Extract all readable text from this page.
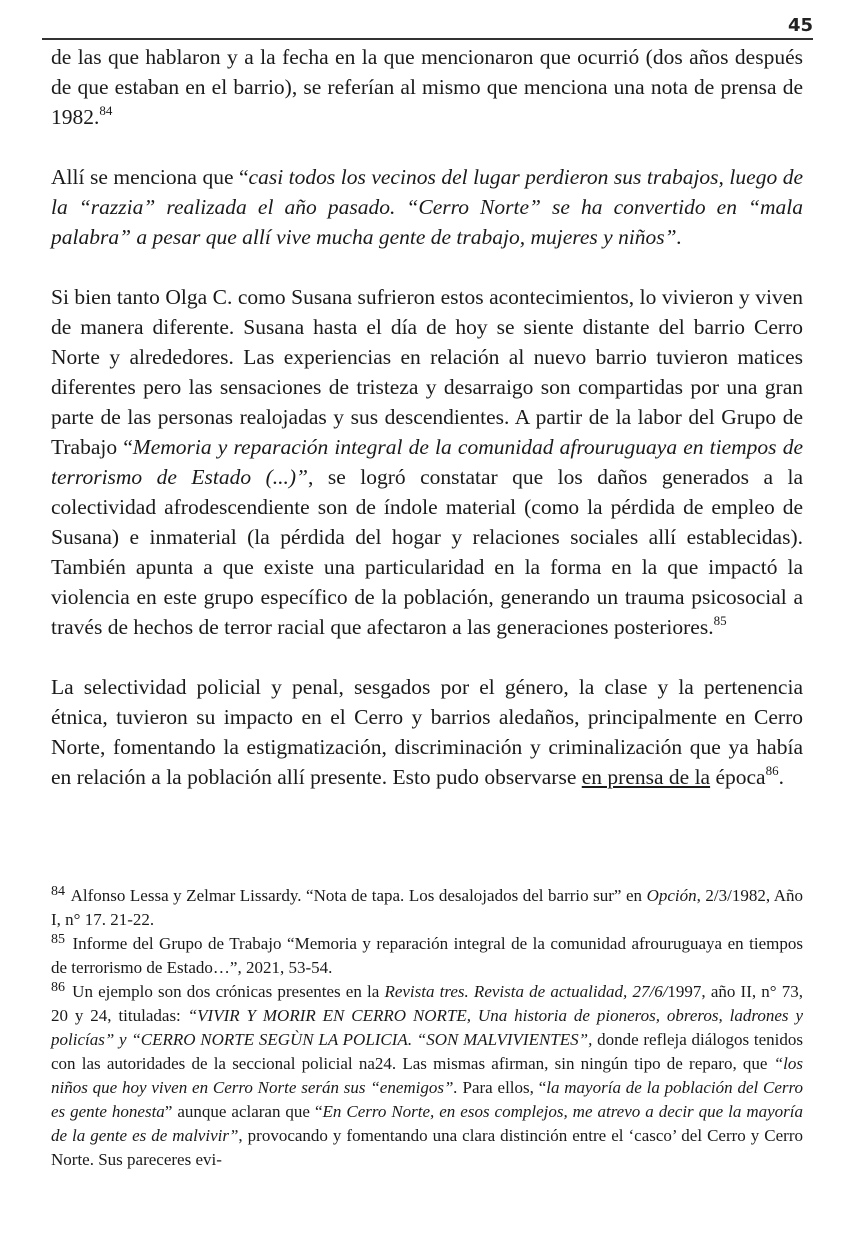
45

de las que hablaron y a la fecha en la que mencionaron que ocurrió (dos años después de que estaban en el barrio), se referían al mismo que menciona una nota de prensa de 1982.84

Allí se menciona que “casi todos los vecinos del lugar perdieron sus trabajos, luego de la “razzia” realizada el año pasado. “Cerro Norte” se ha convertido en “mala palabra” a pesar que allí vive mucha gente de trabajo, mujeres y niños”.

Si bien tanto Olga C. como Susana sufrieron estos acontecimientos, lo vivieron y viven de manera diferente. Susana hasta el día de hoy se siente distante del barrio Cerro Norte y alrededores. Las experiencias en relación al nuevo barrio tuvieron matices diferentes pero las sensaciones de tristeza y desarraigo son compartidas por una gran parte de las personas realojadas y sus descendientes. A partir de la labor del Grupo de Trabajo “Memoria y reparación integral de la comunidad afrouruguaya en tiempos de terrorismo de Estado (...)”, se logró constatar que los daños generados a la colectividad afrodescendiente son de índole material (como la pérdida de empleo de Susana) e inmaterial (la pérdida del hogar y relaciones sociales allí establecidas). También apunta a que existe una particularidad en la forma en la que impactó la violencia en este grupo específico de la población, generando un trauma psicosocial a través de hechos de terror racial que afectaron a las generaciones posteriores.$^{85}$

La selectividad policial y penal, sesgados por el género, la clase y la pertenencia étnica, tuvieron su impacto en el Cerro y barrios aledaños, principalmente en Cerro Norte, fomentando la estigmatización, discriminación y criminalización que ya había en relación a la población allí presente. Esto pudo observarse en prensa de la época$^{86}$.

$^{84}$ Alfonso Lessa y Zelmar Lissardy. “Nota de tapa. Los desalojados del barrio sur” en Opción, 2/3/1982, Año I, n° 17. 21-22.

$^{85}$ Informe del Grupo de Trabajo “Memoria y reparación integral de la comunidad afrouruguaya en tiempos de terrorismo de Estado…”, 2021, 53-54.

$^{86}$ Un ejemplo son dos crónicas presentes en la Revista tres. Revista de actualidad, 27/6/1997, año II, n° 73, 20 y 24, tituladas: “VIVIR Y MORIR EN CERRO NORTE, Una historia de pioneros, obreros, ladrones y policías” y “CERRO NORTE SEGÙN LA POLICIA. “SON MALVIVIENTES”, donde refleja diálogos tenidos con las autoridades de la seccional policial na24. Las mismas afirman, sin ningún tipo de reparo, que “los niños que hoy viven en Cerro Norte serán sus “enemigos”. Para ellos, “la mayoría de la población del Cerro es gente honesta” aunque aclaran que “En Cerro Norte, en esos complejos, me atrevo a decir que la mayoría de la gente es de malvivir”, provocando y fomentando una clara distinción entre el ‘casco’ del Cerro y Cerro Norte. Sus pareceres evi-
